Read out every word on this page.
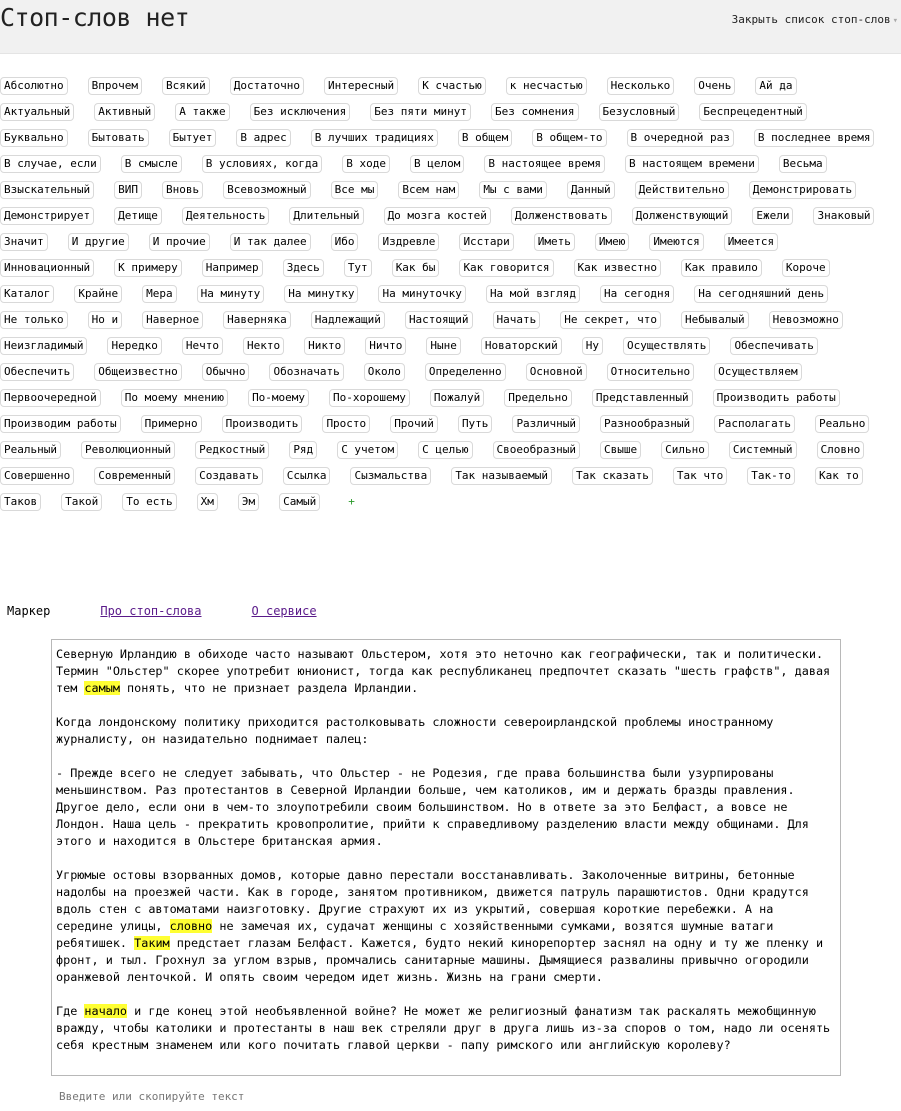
Стоп-слов нет	Закрыть список стоп-слов ▾
Абсолютно	Впрочем	Всякий	Достаточно	Интересный	К счастью	к несчастью	Несколько	Очень	Ай да
Актуальный	Активный	А также	Без исключения	Без пяти минут	Без сомнения	Безусловный	Беспрецедентный
Буквально	Бытовать	Бытует	В адрес	В лучших традициях	В общем	В общем-то	В очередной раз	В последнее время
В случае, если	В смысле	В условиях, когда	В ходе	В целом	В настоящее время	В настоящем времени	Весьма
Взыскательный	ВИП	Вновь	Всевозможный	Все мы	Всем нам	Мы с вами	Данный	Действительно	Демонстрировать
Демонстрирует	Детище	Деятельность	Длительный	До мозга костей	Долженствовать	Долженствующий	Ежели	Знаковый
Значит	И другие	И прочие	И так далее	Ибо	Издревле	Исстари	Иметь	Имею	Имеются	Имеется
Инновационный	К примеру	Например	Здесь	Тут	Как бы	Как говорится	Как известно	Как правило	Короче
Каталог	Крайне	Мера	На минуту	На минутку	На минуточку	На мой взгляд	На сегодня	На сегодняшний день
Не только	Но и	Наверное	Наверняка	Надлежащий	Настоящий	Начать	Не секрет, что	Небывалый	Невозможно
Неизгладимый	Нередко	Нечто	Некто	Никто	Ничто	Ныне	Новаторский	Ну	Осуществлять	Обеспечивать
Обеспечить	Общеизвестно	Обычно	Обозначать	Около	Определенно	Основной	Относительно	Осуществляем
Первоочередной	По моему мнению	По-моему	По-хорошему	Пожалуй	Предельно	Представленный	Производить работы
Производим работы	Примерно	Производить	Просто	Прочий	Путь	Различный	Разнообразный	Располагать	Реально
Реальный	Революционный	Редкостный	Ряд	С учетом	С целью	Своеобразный	Свыше	Сильно	Системный	Словно
Совершенно	Современный	Создавать	Ссылка	Сызмальства	Так называемый	Так сказать	Так что	Так-то	Как то
Таков	Такой	То есть	Хм	Эм	Самый	+
Маркер	Про стоп-слова	О сервисе

Северную Ирландию в обиходе часто называют Ольстером, хотя это неточно как географически, так и политически. Термин "Ольстер" скорее употребит юнионист, тогда как республиканец предпочтет сказать "шесть графств", давая тем самым понять, что не признает раздела Ирландии.

Когда лондонскому политику приходится растолковывать сложности североирландской проблемы иностранному журналисту, он назидательно поднимает палец:

- Прежде всего не следует забывать, что Ольстер - не Родезия, где права большинства были узурпированы меньшинством. Раз протестантов в Северной Ирландии больше, чем католиков, им и держать бразды правления. Другое дело, если они в чем-то злоупотребили своим большинством. Но в ответе за это Белфаст, а вовсе не Лондон. Наша цель - прекратить кровопролитие, прийти к справедливому разделению власти между общинами. Для этого и находится в Ольстере британская армия.

Угрюмые остовы взорванных домов, которые давно перестали восстанавливать. Заколоченные витрины, бетонные надолбы на проезжей части. Как в городе, занятом противником, движется патруль парашютистов. Одни крадутся вдоль стен с автоматами наизготовку. Другие страхуют их из укрытий, совершая короткие перебежки. А на середине улицы, словно не замечая их, судачат женщины с хозяйственными сумками, возятся шумные ватаги ребятишек. Таким предстает глазам Белфаст. Кажется, будто некий кинорепортер заснял на одну и ту же пленку и фронт, и тыл. Грохнул за углом взрыв, промчались санитарные машины. Дымящиеся развалины привычно огородили оранжевой ленточкой. И опять своим чередом идет жизнь. Жизнь на грани смерти.

Где начало и где конец этой необъявленной войне? Не может же религиозный фанатизм так раскалять межобщинную вражду, чтобы католики и протестанты в наш век стреляли друг в друга лишь из-за споров о том, надо ли осенять себя крестным знаменем или кого почитать главой церкви - папу римского или английскую королеву?

Введите или скопируйте текст
